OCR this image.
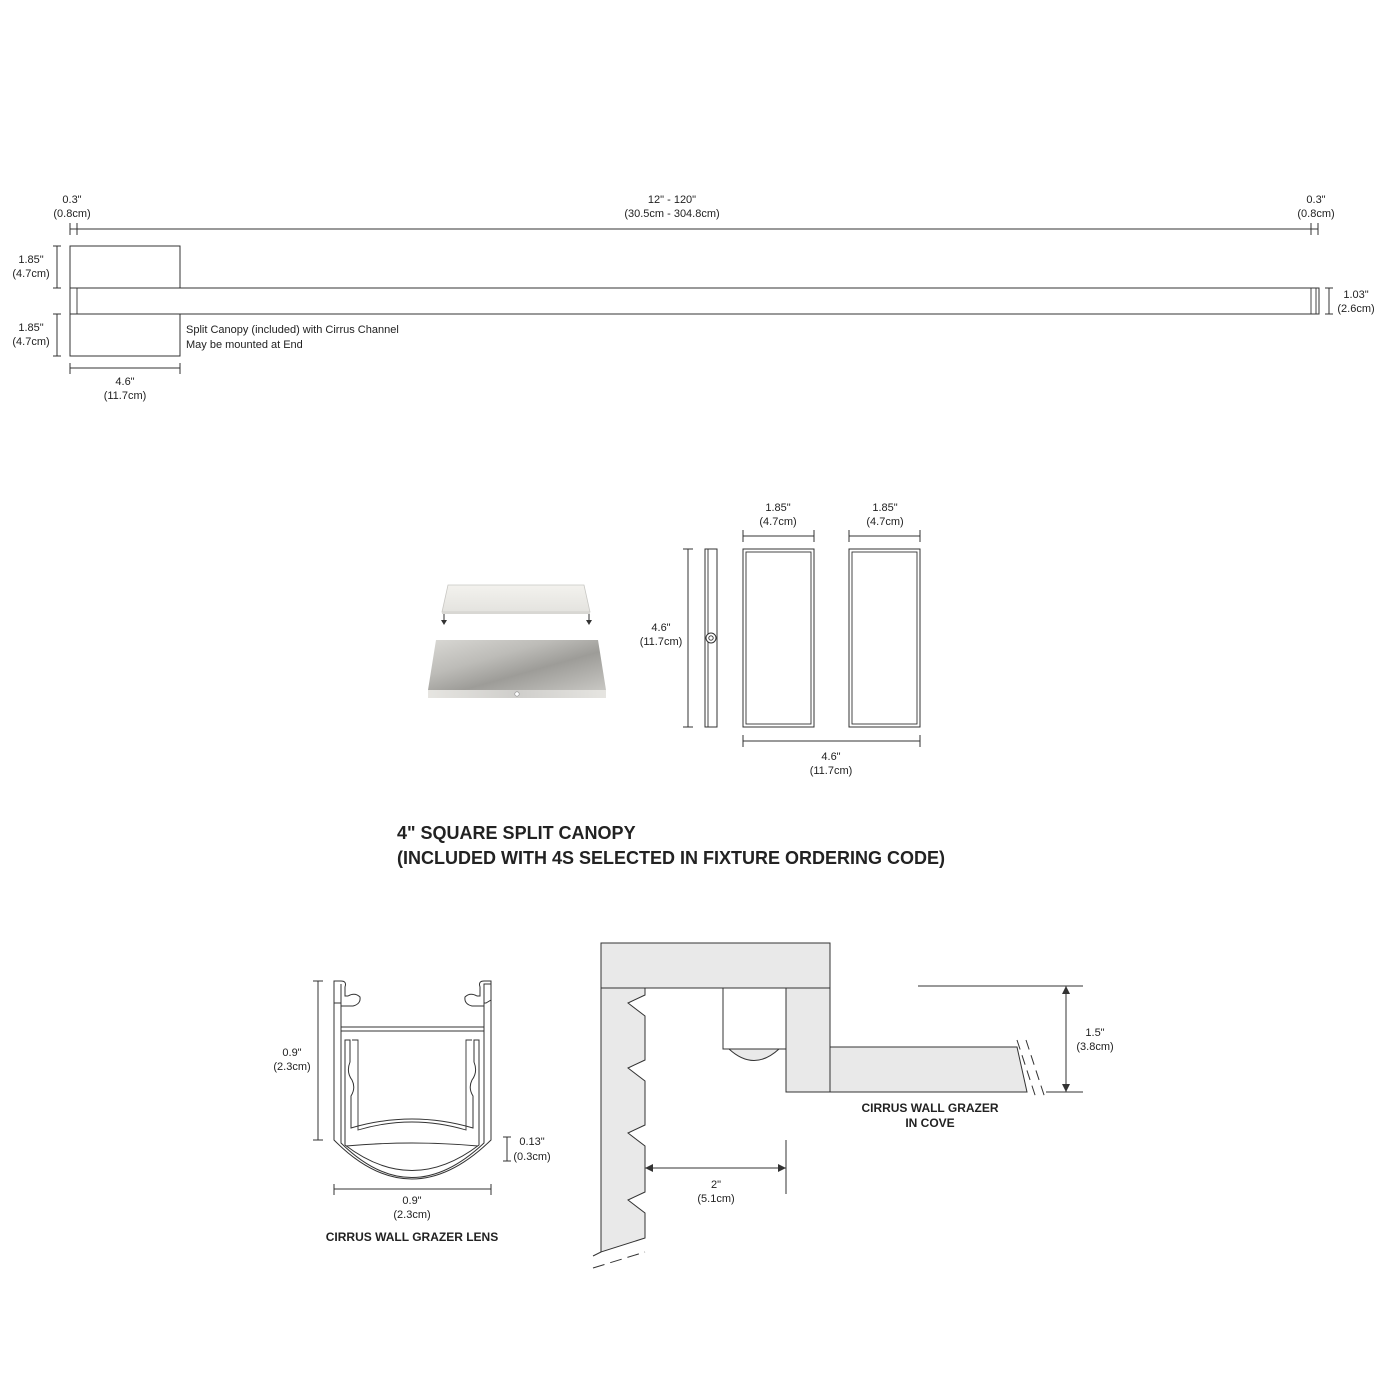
0.3"
(0.8cm)
12" - 120"
(30.5cm - 304.8cm)
0.3"
(0.8cm)
1.85"
(4.7cm)
1.85"
(4.7cm)
1.03"
(2.6cm)
4.6"
(11.7cm)
Split Canopy (included) with Cirrus Channel
May be mounted at End
4.6"
(11.7cm)
1.85"
(4.7cm)
1.85"
(4.7cm)
4.6"
(11.7cm)
4" SQUARE SPLIT CANOPY
(INCLUDED WITH 4S SELECTED IN FIXTURE ORDERING CODE)
0.9"
(2.3cm)
0.13"
(0.3cm)
0.9"
(2.3cm)
CIRRUS WALL GRAZER LENS
1.5"
(3.8cm)
2"
(5.1cm)
CIRRUS WALL GRAZER
IN COVE
